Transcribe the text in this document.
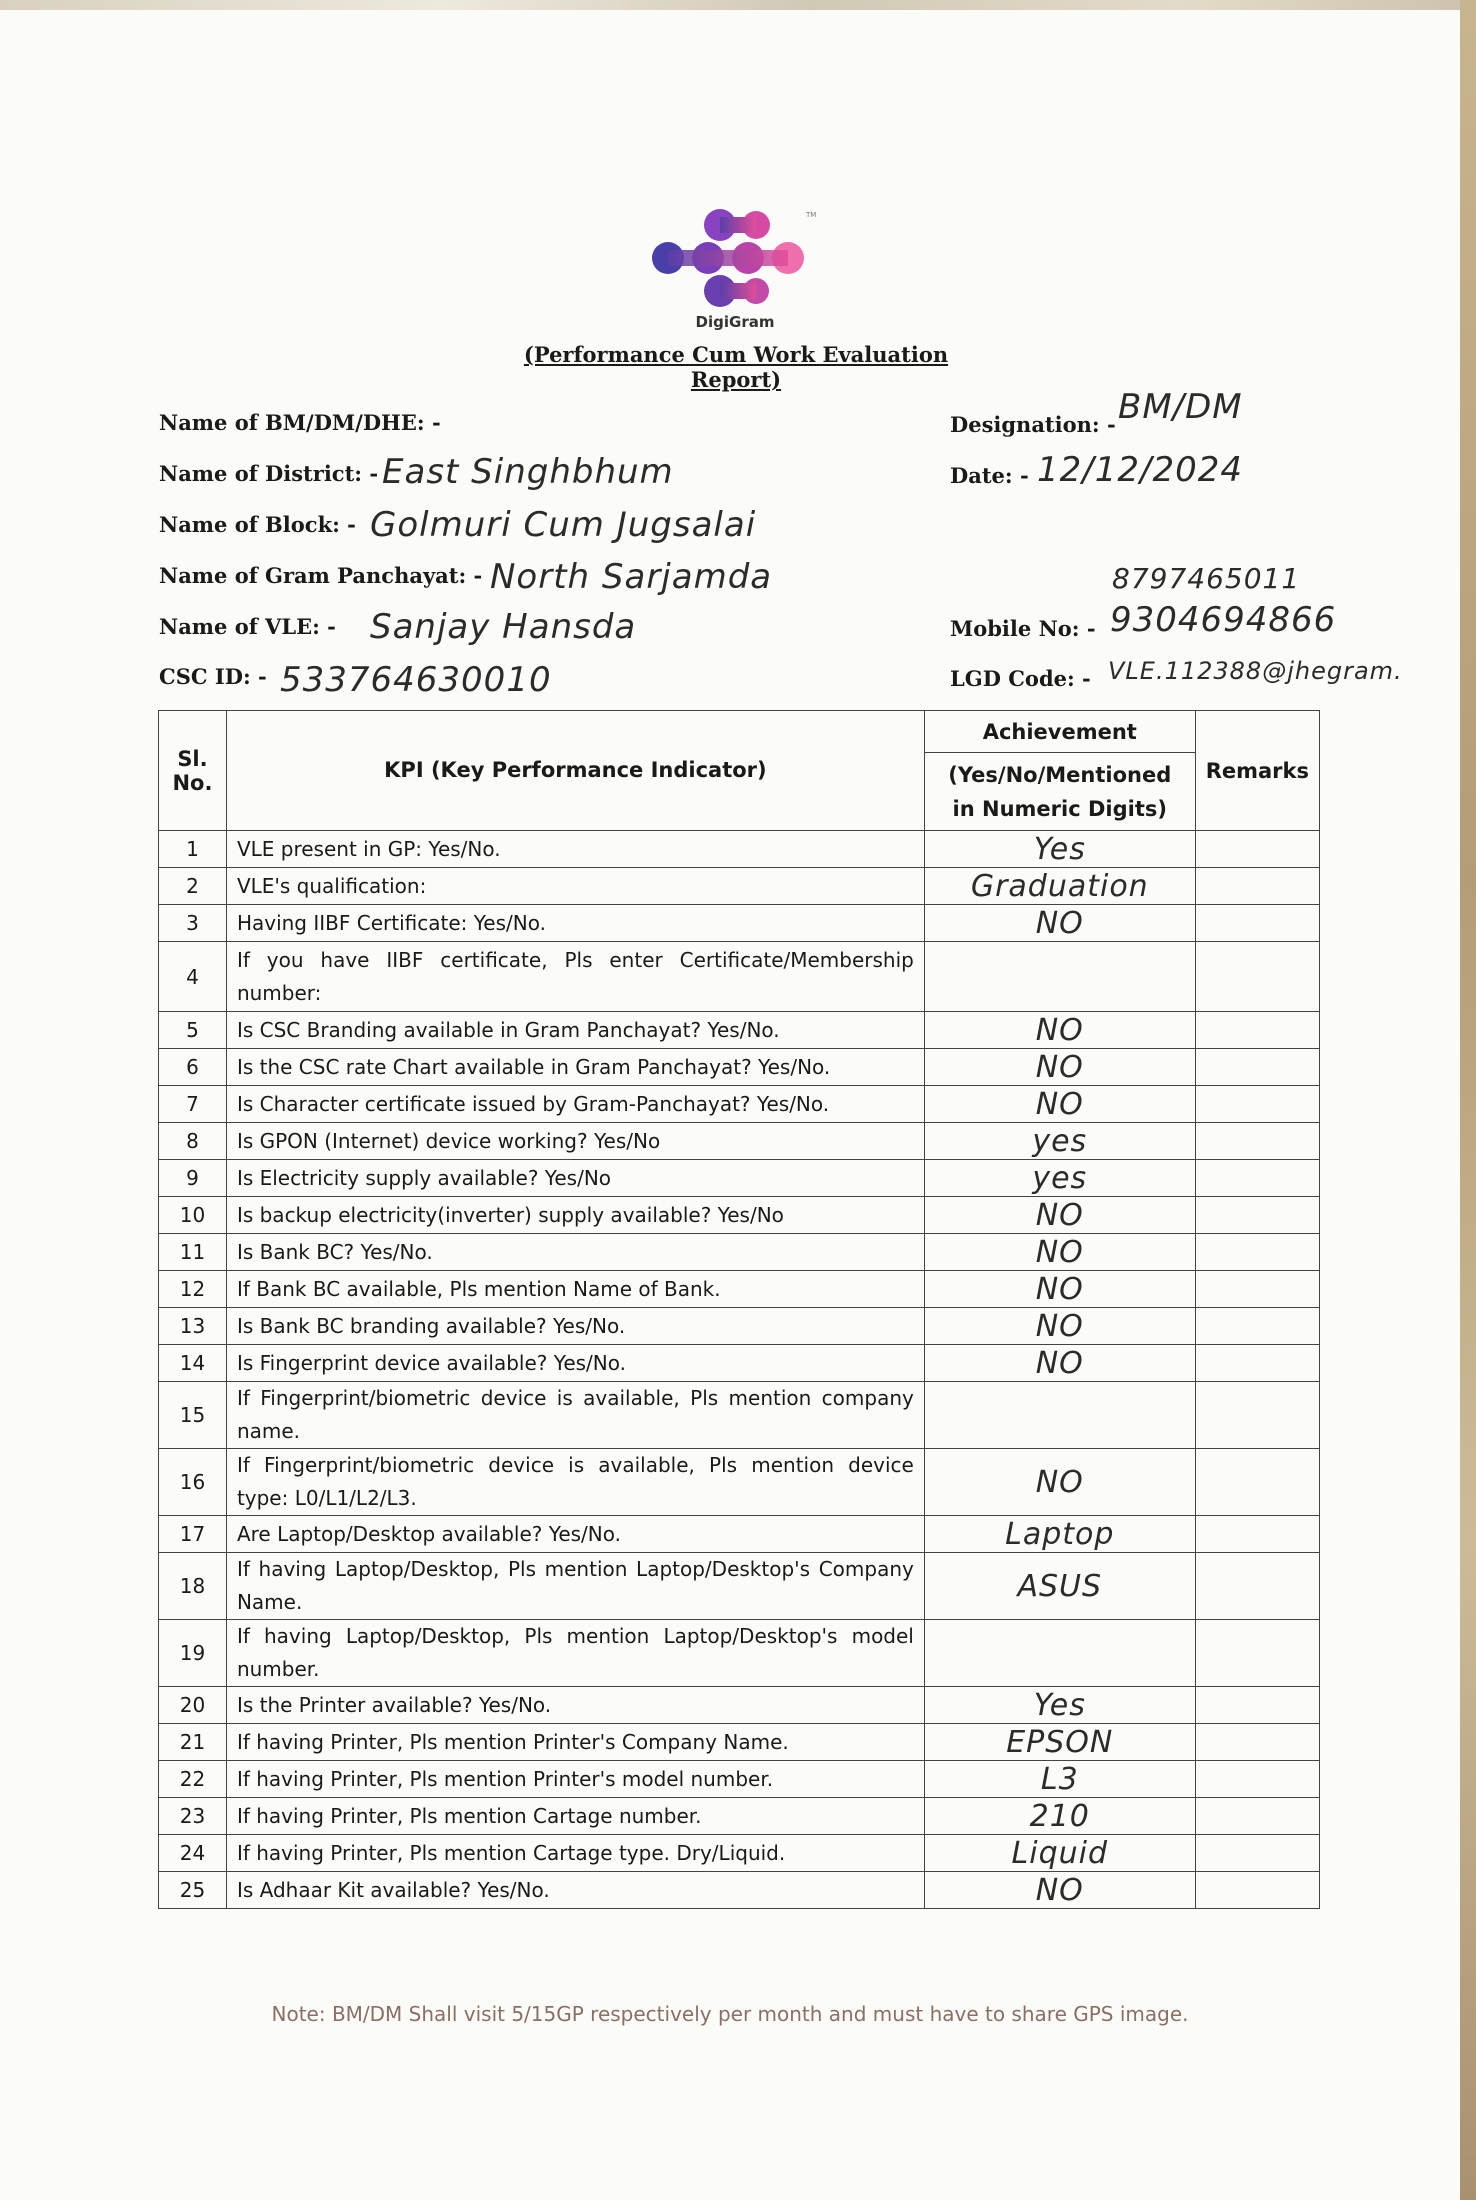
TM
DigiGram
(Performance Cum Work Evaluation Report)
Name of BM/DM/DHE: -
Name of District: - East Singhbhum
Name of Block: - Golmuri Cum Jugsalai
Name of Gram Panchayat: - North Sarjamda
Name of VLE: - Sanjay Hansda
CSC ID: - 533764630010
Designation: - BM/DM
Date: - 12/12/2024
8797465011
Mobile No: - 9304694866
LGD Code: - VLE.112388@jhegram.
Sl. No.	KPI (Key Performance Indicator)	Achievement	Remarks
		(Yes/No/Mentioned in Numeric Digits)	
1	VLE present in GP: Yes/No.	Yes	
2	VLE's qualification:	Graduation	
3	Having IIBF Certificate: Yes/No.	NO	
4	If you have IIBF certificate, Pls enter Certificate/Membership number:		
5	Is CSC Branding available in Gram Panchayat? Yes/No.	NO	
6	Is the CSC rate Chart available in Gram Panchayat? Yes/No.	NO	
7	Is Character certificate issued by Gram-Panchayat? Yes/No.	NO	
8	Is GPON (Internet) device working? Yes/No	yes	
9	Is Electricity supply available? Yes/No	yes	
10	Is backup electricity(inverter) supply available? Yes/No	NO	
11	Is Bank BC? Yes/No.	NO	
12	If Bank BC available, Pls mention Name of Bank.	NO	
13	Is Bank BC branding available? Yes/No.	NO	
14	Is Fingerprint device available? Yes/No.	NO	
15	If Fingerprint/biometric device is available, Pls mention company name.		
16	If Fingerprint/biometric device is available, Pls mention device type: L0/L1/L2/L3.	NO	
17	Are Laptop/Desktop available? Yes/No.	Laptop	
18	If having Laptop/Desktop, Pls mention Laptop/Desktop's Company Name.	ASUS	
19	If having Laptop/Desktop, Pls mention Laptop/Desktop's model number.		
20	Is the Printer available? Yes/No.	Yes	
21	If having Printer, Pls mention Printer's Company Name.	EPSON	
22	If having Printer, Pls mention Printer's model number.	L3	
23	If having Printer, Pls mention Cartage number.	210	
24	If having Printer, Pls mention Cartage type. Dry/Liquid.	Liquid	
25	Is Adhaar Kit available? Yes/No.	NO	
Note: BM/DM Shall visit 5/15GP respectively per month and must have to share GPS image.
